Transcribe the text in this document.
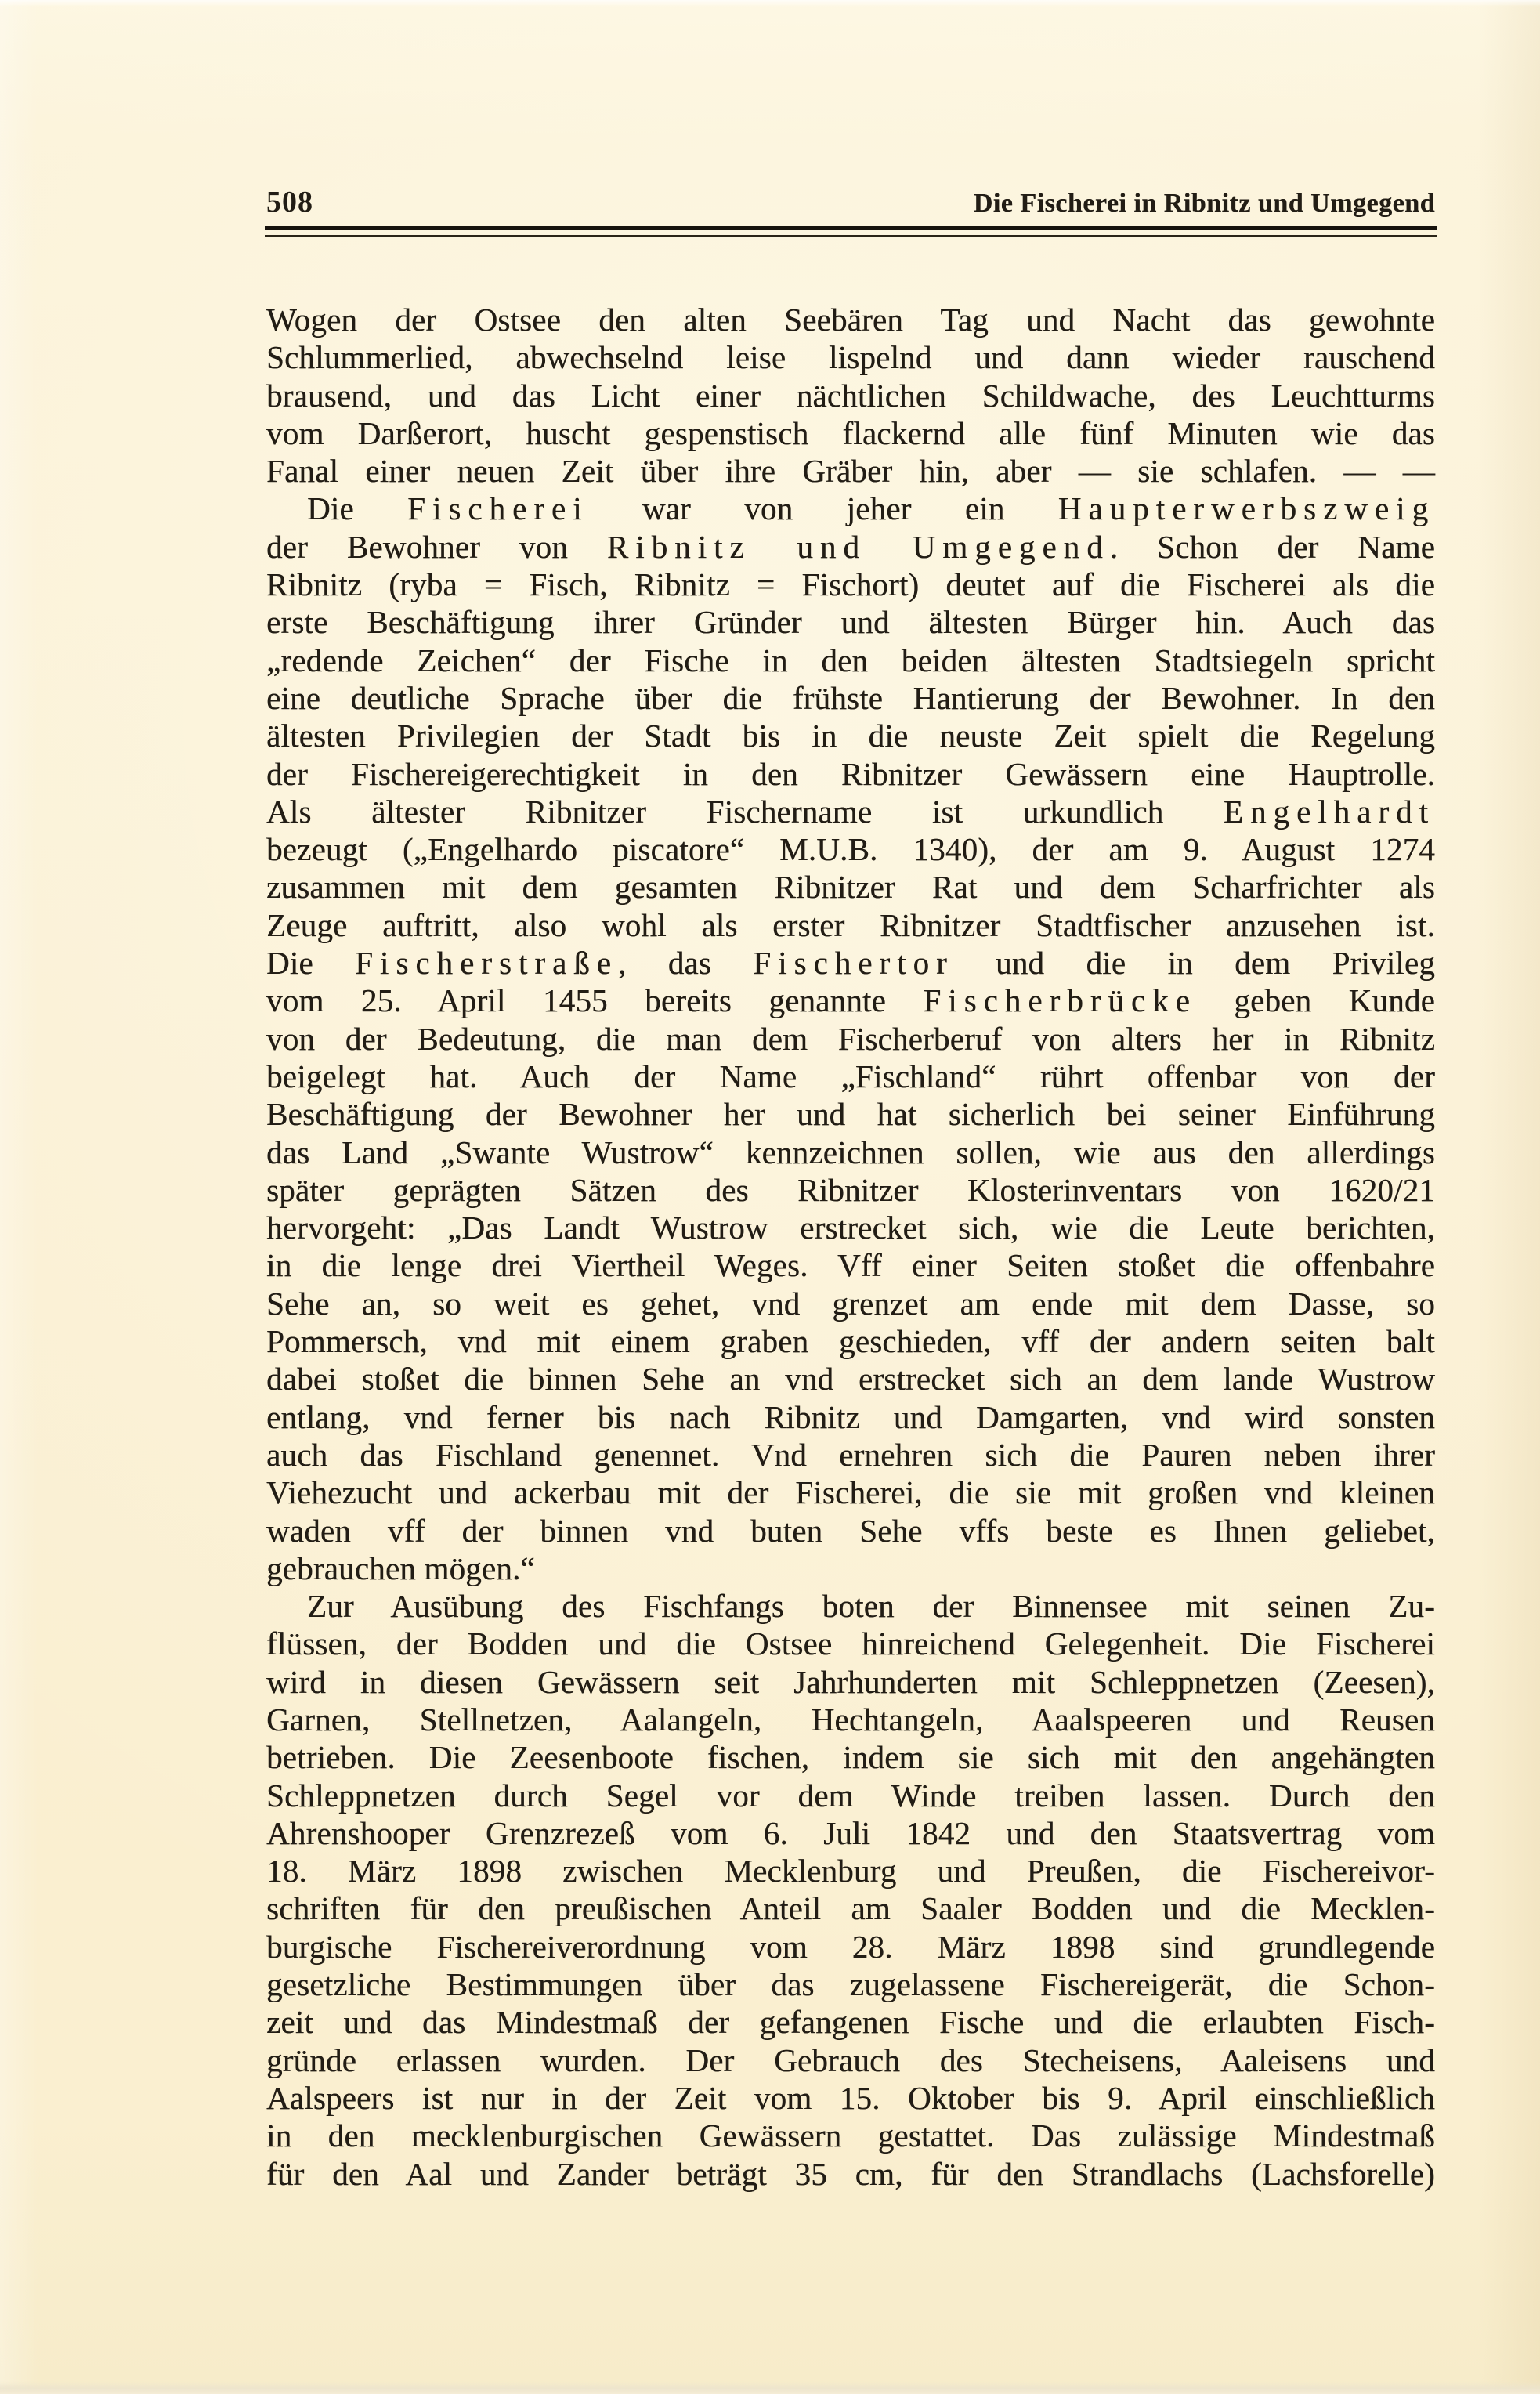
508	Die Fischerei in Ribnitz und Umgegend
Wogen der Ostsee den alten Seebären Tag und Nacht das gewohnte
Schlummerlied, abwechselnd leise lispelnd und dann wieder rauschend
brausend, und das Licht einer nächtlichen Schildwache, des Leuchtturms
vom Darßerort, huscht gespenstisch flackernd alle fünf Minuten wie das
Fanal einer neuen Zeit über ihre Gräber hin, aber — sie schlafen. — —
Die Fischerei war von jeher ein Haupterwerbszweig
der Bewohner von Ribnitz und Umgegend. Schon der Name
Ribnitz (ryba = Fisch, Ribnitz = Fischort) deutet auf die Fischerei als die
erste Beschäftigung ihrer Gründer und ältesten Bürger hin. Auch das
„redende Zeichen“ der Fische in den beiden ältesten Stadtsiegeln spricht
eine deutliche Sprache über die frühste Hantierung der Bewohner. In den
ältesten Privilegien der Stadt bis in die neuste Zeit spielt die Regelung
der Fischereigerechtigkeit in den Ribnitzer Gewässern eine Hauptrolle.
Als ältester Ribnitzer Fischername ist urkundlich Engelhardt
bezeugt („Engelhardo piscatore“ M.U.B. 1340), der am 9. August 1274
zusammen mit dem gesamten Ribnitzer Rat und dem Scharfrichter als
Zeuge auftritt, also wohl als erster Ribnitzer Stadtfischer anzusehen ist.
Die Fischerstraße, das Fischertor und die in dem Privileg
vom 25. April 1455 bereits genannte Fischerbrücke geben Kunde
von der Bedeutung, die man dem Fischerberuf von alters her in Ribnitz
beigelegt hat. Auch der Name „Fischland“ rührt offenbar von der
Beschäftigung der Bewohner her und hat sicherlich bei seiner Einführung
das Land „Swante Wustrow“ kennzeichnen sollen, wie aus den allerdings
später geprägten Sätzen des Ribnitzer Klosterinventars von 1620/21
hervorgeht: „Das Landt Wustrow erstrecket sich, wie die Leute berichten,
in die lenge drei Viertheil Weges. Vff einer Seiten stoßet die offenbahre
Sehe an, so weit es gehet, vnd grenzet am ende mit dem Dasse, so
Pommersch, vnd mit einem graben geschieden, vff der andern seiten balt
dabei stoßet die binnen Sehe an vnd erstrecket sich an dem lande Wustrow
entlang, vnd ferner bis nach Ribnitz und Damgarten, vnd wird sonsten
auch das Fischland genennet. Vnd ernehren sich die Pauren neben ihrer
Viehezucht und ackerbau mit der Fischerei, die sie mit großen vnd kleinen
waden vff der binnen vnd buten Sehe vffs beste es Ihnen geliebet,
gebrauchen mögen.“
Zur Ausübung des Fischfangs boten der Binnensee mit seinen Zu-
flüssen, der Bodden und die Ostsee hinreichend Gelegenheit. Die Fischerei
wird in diesen Gewässern seit Jahrhunderten mit Schleppnetzen (Zeesen),
Garnen, Stellnetzen, Aalangeln, Hechtangeln, Aaalspeeren und Reusen
betrieben. Die Zeesenboote fischen, indem sie sich mit den angehängten
Schleppnetzen durch Segel vor dem Winde treiben lassen. Durch den
Ahrenshooper Grenzrezeß vom 6. Juli 1842 und den Staatsvertrag vom
18. März 1898 zwischen Mecklenburg und Preußen, die Fischereivor-
schriften für den preußischen Anteil am Saaler Bodden und die Mecklen-
burgische Fischereiverordnung vom 28. März 1898 sind grundlegende
gesetzliche Bestimmungen über das zugelassene Fischereigerät, die Schon-
zeit und das Mindestmaß der gefangenen Fische und die erlaubten Fisch-
gründe erlassen wurden. Der Gebrauch des Stecheisens, Aaleisens und
Aalspeers ist nur in der Zeit vom 15. Oktober bis 9. April einschließlich
in den mecklenburgischen Gewässern gestattet. Das zulässige Mindestmaß
für den Aal und Zander beträgt 35 cm, für den Strandlachs (Lachsforelle)
